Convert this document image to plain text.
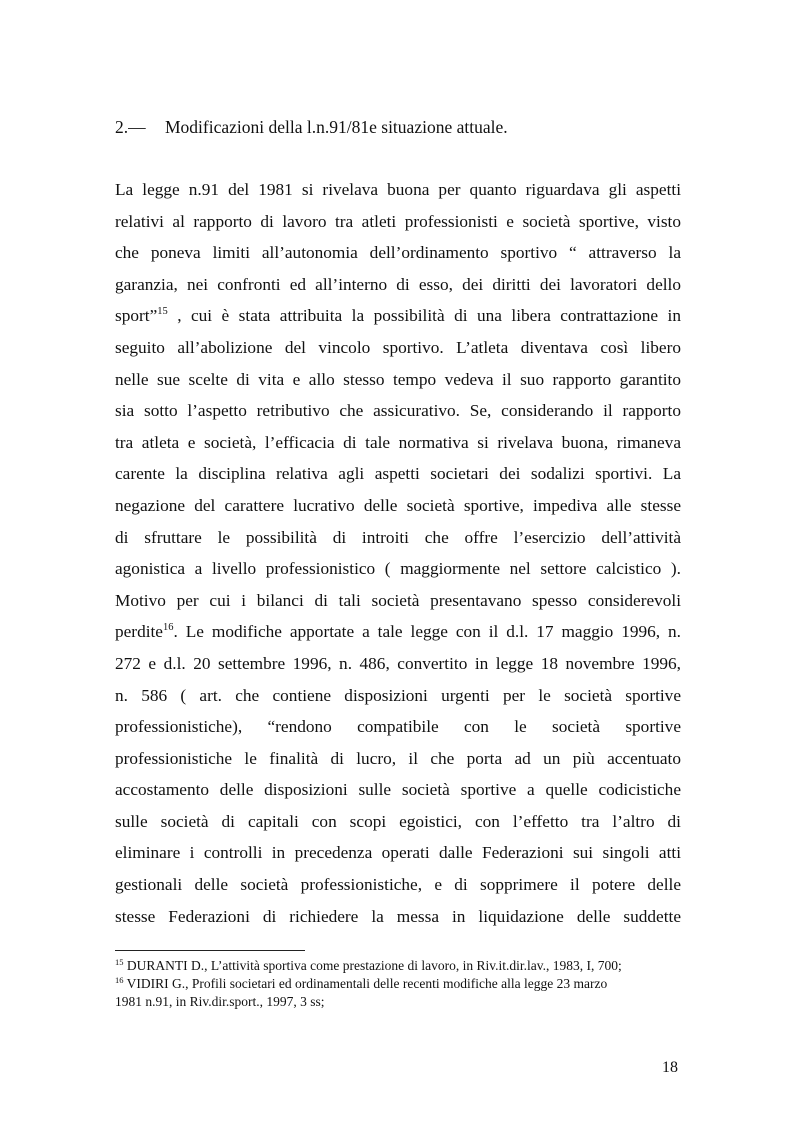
2.— Modificazioni della l.n.91/81e situazione attuale.
La legge n.91 del 1981 si rivelava buona per quanto riguardava gli aspetti
relativi al rapporto di lavoro tra atleti professionisti e società sportive, visto
che poneva limiti all’autonomia dell’ordinamento sportivo “ attraverso la
garanzia, nei confronti ed all’interno di esso, dei diritti dei lavoratori dello
sport”$^{15}$ , cui è stata attribuita la possibilità di una libera contrattazione in
seguito all’abolizione del vincolo sportivo. L’atleta diventava così libero
nelle sue scelte di vita e allo stesso tempo vedeva il suo rapporto garantito
sia sotto l’aspetto retributivo che assicurativo. Se, considerando il rapporto
tra atleta e società, l’efficacia di tale normativa si rivelava buona, rimaneva
carente la disciplina relativa agli aspetti societari dei sodalizi sportivi. La
negazione del carattere lucrativo delle società sportive, impediva alle stesse
di sfruttare le possibilità di introiti che offre l’esercizio dell’attività
agonistica a livello professionistico ( maggiormente nel settore calcistico ).
Motivo per cui i bilanci di tali società presentavano spesso considerevoli
perdite$^{16}$. Le modifiche apportate a tale legge con il d.l. 17 maggio 1996, n.
272 e d.l. 20 settembre 1996, n. 486, convertito in legge 18 novembre 1996,
n. 586 ( art. che contiene disposizioni urgenti per le società sportive
professionistiche), “rendono compatibile con le società sportive
professionistiche le finalità di lucro, il che porta ad un più accentuato
accostamento delle disposizioni sulle società sportive a quelle codicistiche
sulle società di capitali con scopi egoistici, con l’effetto tra l’altro di
eliminare i controlli in precedenza operati dalle Federazioni sui singoli atti
gestionali delle società professionistiche, e di sopprimere il potere delle
stesse Federazioni di richiedere la messa in liquidazione delle suddette
$^{15}$ DURANTI D., L’attività sportiva come prestazione di lavoro, in Riv.it.dir.lav., 1983, I, 700;
$^{16}$ VIDIRI G., Profili societari ed ordinamentali delle recenti modifiche alla legge 23 marzo
1981 n.91, in Riv.dir.sport., 1997, 3 ss;
18
